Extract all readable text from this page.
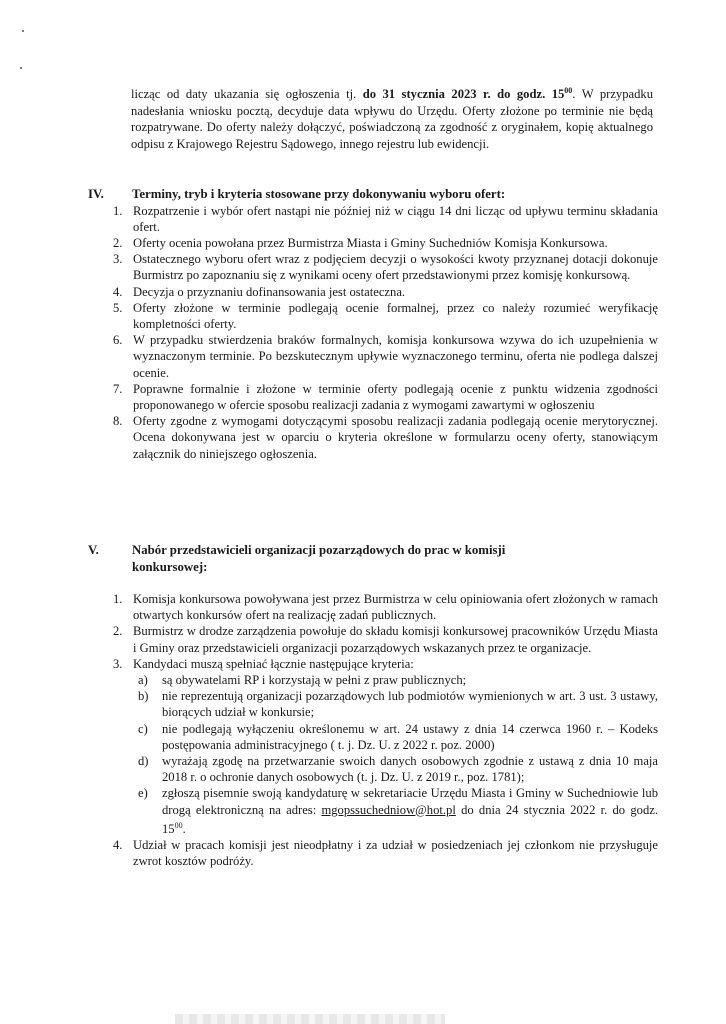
licząc od daty ukazania się ogłoszenia tj. do 31 stycznia 2023 r. do godz. $15^{00}$. W przypadku nadesłania wniosku pocztą, decyduje data wpływu do Urzędu. Oferty złożone po terminie nie będą rozpatrywane. Do oferty należy dołączyć, poświadczoną za zgodność z oryginałem, kopię aktualnego odpisu z Krajowego Rejestru Sądowego, innego rejestru lub ewidencji.

IV.	Terminy, tryb i kryteria stosowane przy dokonywaniu wyboru ofert:
1. Rozpatrzenie i wybór ofert nastąpi nie później niż w ciągu 14 dni licząc od upływu terminu składania ofert.
2. Oferty ocenia powołana przez Burmistrza Miasta i Gminy Suchedniów Komisja Konkursowa.
3. Ostatecznego wyboru ofert wraz z podjęciem decyzji o wysokości kwoty przyznanej dotacji dokonuje Burmistrz po zapoznaniu się z wynikami oceny ofert przedstawionymi przez komisję konkursową.
4. Decyzja o przyznaniu dofinansowania jest ostateczna.
5. Oferty złożone w terminie podlegają ocenie formalnej, przez co należy rozumieć weryfikację kompletności oferty.
6. W przypadku stwierdzenia braków formalnych, komisja konkursowa wzywa do ich uzupełnienia w wyznaczonym terminie. Po bezskutecznym upływie wyznaczonego terminu, oferta nie podlega dalszej ocenie.
7. Poprawne formalnie i złożone w terminie oferty podlegają ocenie z punktu widzenia zgodności proponowanego w ofercie sposobu realizacji zadania z wymogami zawartymi w ogłoszeniu
8. Oferty zgodne z wymogami dotyczącymi sposobu realizacji zadania podlegają ocenie merytorycznej. Ocena dokonywana jest w oparciu o kryteria określone w formularzu oceny oferty, stanowiącym załącznik do niniejszego ogłoszenia.
V.	Nabór przedstawicieli organizacji pozarządowych do prac w komisji konkursowej:
1. Komisja konkursowa powoływana jest przez Burmistrza w celu opiniowania ofert złożonych w ramach otwartych konkursów ofert na realizację zadań publicznych.
2. Burmistrz w drodze zarządzenia powołuje do składu komisji konkursowej pracowników Urzędu Miasta i Gminy oraz przedstawicieli organizacji pozarządowych wskazanych przez te organizacje.
3. Kandydaci muszą spełniać łącznie następujące kryteria:
a)	są obywatelami RP i korzystają w pełni z praw publicznych;
b)	nie reprezentują organizacji pozarządowych lub podmiotów wymienionych w art. 3 ust. 3 ustawy, biorących udział w konkursie;
c)	nie podlegają wyłączeniu określonemu w art. 24 ustawy z dnia 14 czerwca 1960 r. – Kodeks postępowania administracyjnego ( t. j. Dz. U. z 2022 r. poz. 2000)
d)	wyrażają zgodę na przetwarzanie swoich danych osobowych zgodnie z ustawą z dnia 10 maja 2018 r. o ochronie danych osobowych (t. j. Dz. U. z 2019 r., poz. 1781);
e)	zgłoszą pisemnie swoją kandydaturę w sekretariacie Urzędu Miasta i Gminy w Suchedniowie lub drogą elektroniczną na adres: mgopssuchedniow@hot.pl do dnia 24 stycznia 2022 r. do godz. $15^{00}$.
4. Udział w pracach komisji jest nieodpłatny i za udział w posiedzeniach jej członkom nie przysługuje zwrot kosztów podróży.
